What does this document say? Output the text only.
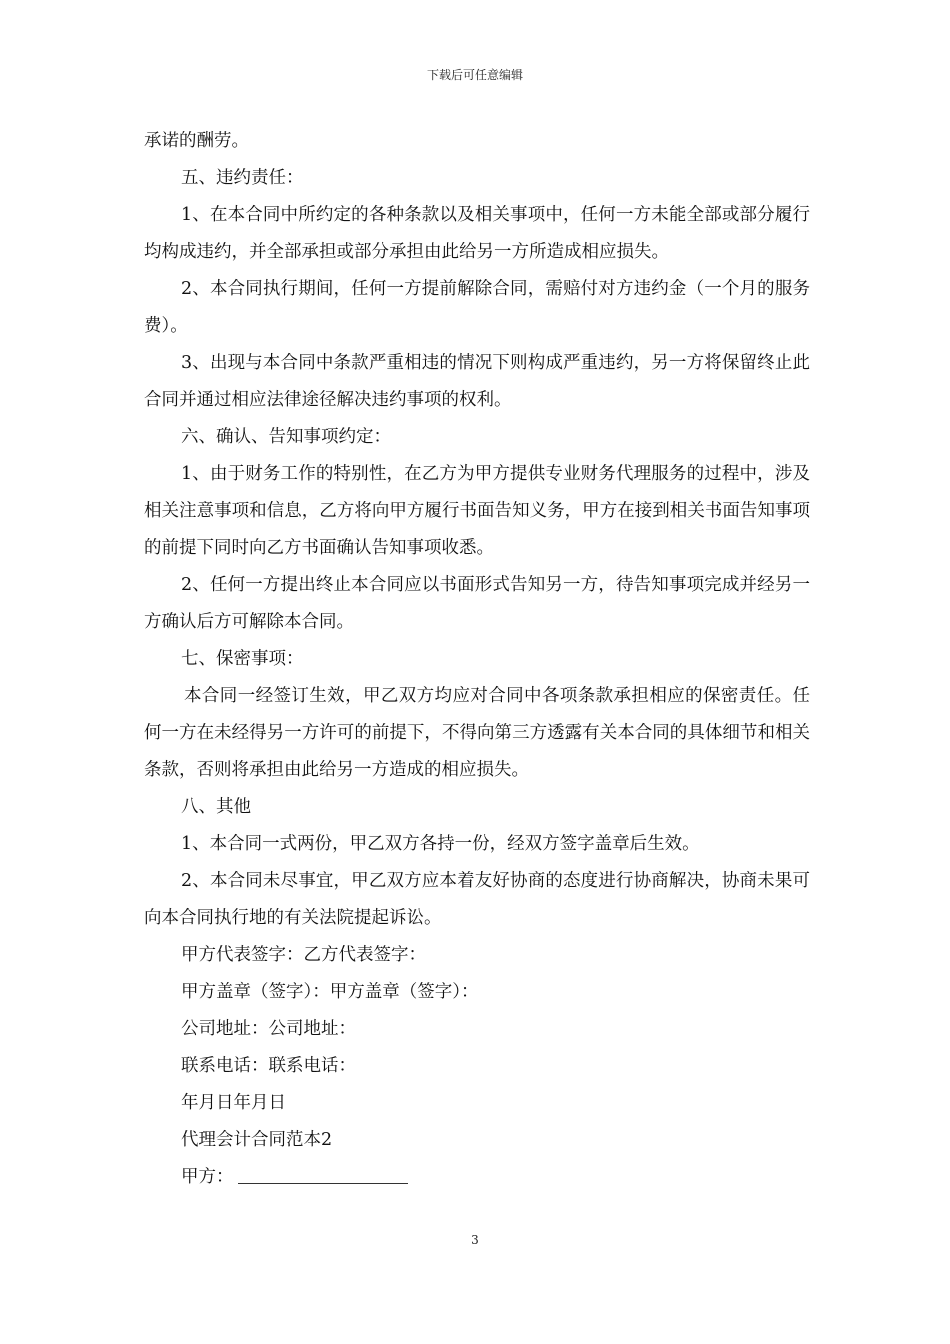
下载后可任意编辑

承诺的酬劳。

五、违约责任：

1、在本合同中所约定的各种条款以及相关事项中，任何一方未能全部或部分履行均构成违约，并全部承担或部分承担由此给另一方所造成相应损失。

2、本合同执行期间，任何一方提前解除合同，需赔付对方违约金（一个月的服务费）。

3、出现与本合同中条款严重相违的情况下则构成严重违约，另一方将保留终止此合同并通过相应法律途径解决违约事项的权利。

六、确认、告知事项约定：

1、由于财务工作的特别性，在乙方为甲方提供专业财务代理服务的过程中，涉及相关注意事项和信息，乙方将向甲方履行书面告知义务，甲方在接到相关书面告知事项的前提下同时向乙方书面确认告知事项收悉。

2、任何一方提出终止本合同应以书面形式告知另一方，待告知事项完成并经另一方确认后方可解除本合同。

七、保密事项：

本合同一经签订生效，甲乙双方均应对合同中各项条款承担相应的保密责任。任何一方在未经得另一方许可的前提下，不得向第三方透露有关本合同的具体细节和相关条款，否则将承担由此给另一方造成的相应损失。

八、其他

1、本合同一式两份，甲乙双方各持一份，经双方签字盖章后生效。

2、本合同未尽事宜，甲乙双方应本着友好协商的态度进行协商解决，协商未果可向本合同执行地的有关法院提起诉讼。

甲方代表签字：乙方代表签字：

甲方盖章（签字）：甲方盖章（签字）：

公司地址：公司地址：

联系电话：联系电话：

年月日年月日

代理会计合同范本2

甲方：

3
